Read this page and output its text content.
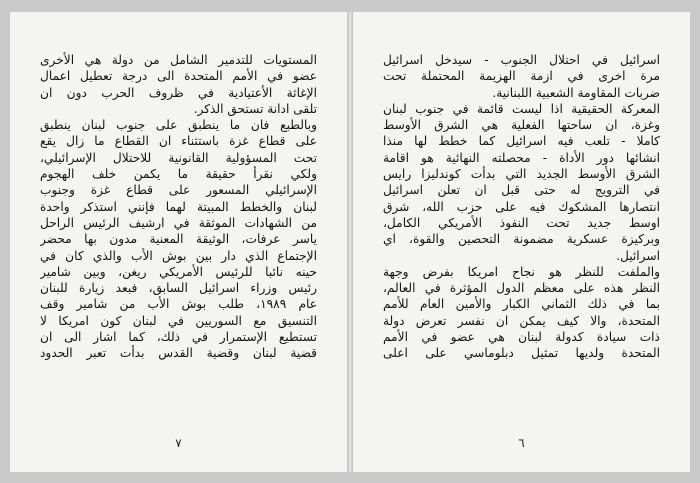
المستويات للتدمير الشامل من دولة هي الأخرى
عضو في الأمم المتحدة الى درجة تعطيل اعمال
الإغاثة الأعتيادية في ظروف الحرب دون ان
تلقى ادانة تستحق الذكر.
وبالطبع فان ما ينطبق على جنوب لبنان ينطبق
على قطاع غزة باستثناء ان القطاع ما زال يقع
تحت المسؤولية القانونية للاحتلال الإسرائيلي،
ولكي نقرأ حقيقة ما يكمن خلف الهجوم
الإسرائيلي المسعور على قطاع غزة وجنوب
لبنان والخطط المبيتة لهما فإنني استذكر واحدة
من الشهادات الموثقة في ارشيف الرئيس الراحل
ياسر عرفات، الوثيقة المعنية مدون بها محضر
الإجتماع الذي دار بين بوش الأب والذي كان في
حينه نائبا للرئيس الأمريكي ريغن، وبين شامير
رئيس وزراء اسرائيل السابق، فبعد زيارة للبنان
عام ١٩٨٩، طلب بوش الأب من شامير وقف
التنسيق مع السوريين في لبنان كون امريكا لا
تستطيع الإستمرار في ذلك، كما اشار الى ان
قضية لبنان وقضية القدس بدأت تعبر الحدود
٧
اسرائيل في احتلال الجنوب - سيدخل اسرائيل
مرة اخرى في ازمة الهزيمة المحتملة تحت
ضربات المقاومة الشعبية اللبنانية.
المعركة الحقيقية اذا ليست قائمة في جنوب لبنان
وغزة، ان ساحتها الفعلية هي الشرق الأوسط
كاملا - تلعب فيه اسرائيل كما خطط لها منذا
انشائها دور الأداة - محصلته النهائية هو اقامة
الشرق الأوسط الجديد التي بدأت كوندليزا رايس
في الترويج له حتى قبل ان تعلن اسرائيل
انتصارها المشكوك فيه على حزب الله، شرق
اوسط جديد تحت النفوذ الأمريكي الكامل،
وبركيزة عسكرية مضمونة التحصين والقوة، اي
اسرائيل.
والملفت للنظر هو نجاح امريكا بفرض وجهة
النظر هذه على معظم الدول المؤثرة في العالم،
بما في ذلك الثماني الكبار والأمين العام للأمم
المتحدة، والا كيف يمكن ان نفسر تعرض دولة
ذات سيادة كدولة لبنان هي عضو في الأمم
المتحدة ولديها تمثيل دبلوماسي على اعلى
٦
